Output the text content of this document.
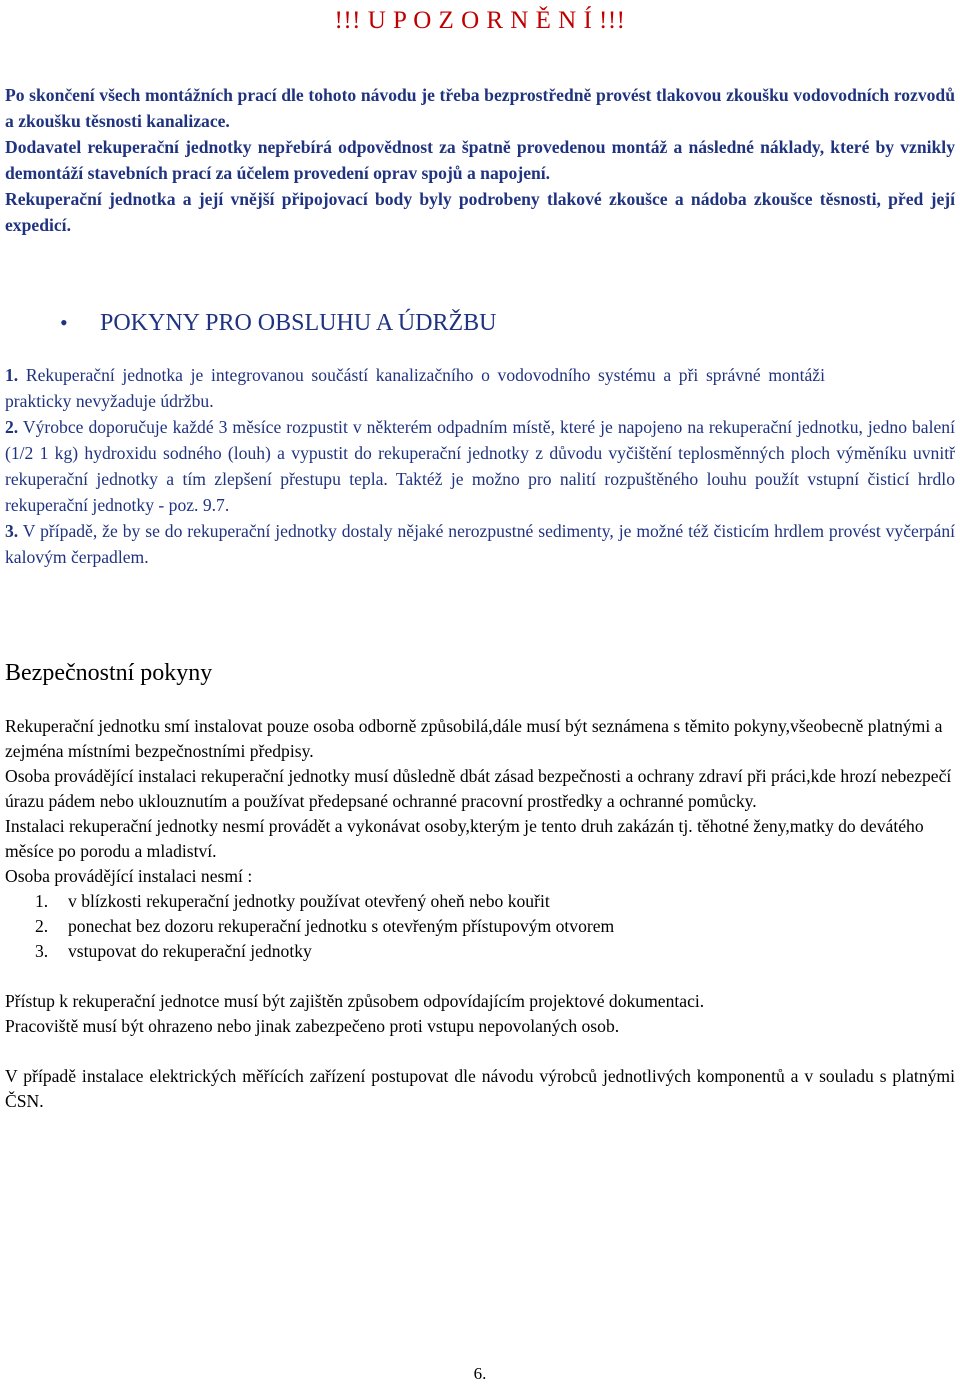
!!! U P O Z O R N Ě N Í !!!

Po skončení všech montážních prací dle tohoto návodu je třeba bezprostředně provést tlakovou zkoušku vodovodních rozvodů a zkoušku těsnosti kanalizace.

Dodavatel rekuperační jednotky nepřebírá odpovědnost za špatně provedenou montáž a následné náklady, které by vznikly demontáží stavebních prací za účelem provedení oprav spojů a napojení.

Rekuperační jednotka a její vnější připojovací body byly podrobeny tlakové zkoušce a nádoba zkoušce těsnosti, před její expedicí.

• POKYNY PRO OBSLUHU A ÚDRŽBU

1. Rekuperační jednotka je integrovanou součástí kanalizačního o vodovodního systému a při správné montáži prakticky nevyžaduje údržbu.

2. Výrobce doporučuje každé 3 měsíce rozpustit v některém odpadním místě, které je napojeno na rekuperační jednotku, jedno balení (1/2 1 kg) hydroxidu sodného (louh) a vypustit do rekuperační jednotky z důvodu vyčištění teplosměnných ploch výměníku uvnitř rekuperační jednotky a tím zlepšení přestupu tepla. Taktéž je možno pro nalití rozpuštěného louhu použít vstupní čisticí hrdlo rekuperační jednotky - poz. 9.7.

3. V případě, že by se do rekuperační jednotky dostaly nějaké nerozpustné sedimenty, je možné též čisticím hrdlem provést vyčerpání kalovým čerpadlem.

Bezpečnostní pokyny

Rekuperační jednotku smí instalovat pouze osoba odborně způsobilá,dále musí být seznámena s těmito pokyny,všeobecně platnými a zejména místními bezpečnostními předpisy.

Osoba provádějící instalaci rekuperační jednotky musí důsledně dbát zásad bezpečnosti a ochrany zdraví při práci,kde hrozí nebezpečí úrazu pádem nebo uklouznutím a používat předepsané ochranné pracovní prostředky a ochranné pomůcky.

Instalaci rekuperační jednotky nesmí provádět a vykonávat osoby,kterým je tento druh zakázán tj. těhotné ženy,matky do devátého měsíce po porodu a mladiství.

Osoba provádějící instalaci nesmí :

1. v blízkosti rekuperační jednotky používat otevřený oheň nebo kouřit
2. ponechat bez dozoru rekuperační jednotku s otevřeným přístupovým otvorem
3. vstupovat do rekuperační jednotky

Přístup k rekuperační jednotce musí být zajištěn způsobem odpovídajícím projektové dokumentaci.

Pracoviště musí být ohrazeno nebo jinak zabezpečeno proti vstupu nepovolaných osob.

V případě instalace elektrických měřících zařízení postupovat dle návodu výrobců jednotlivých komponentů a v souladu s platnými ČSN.

6.
